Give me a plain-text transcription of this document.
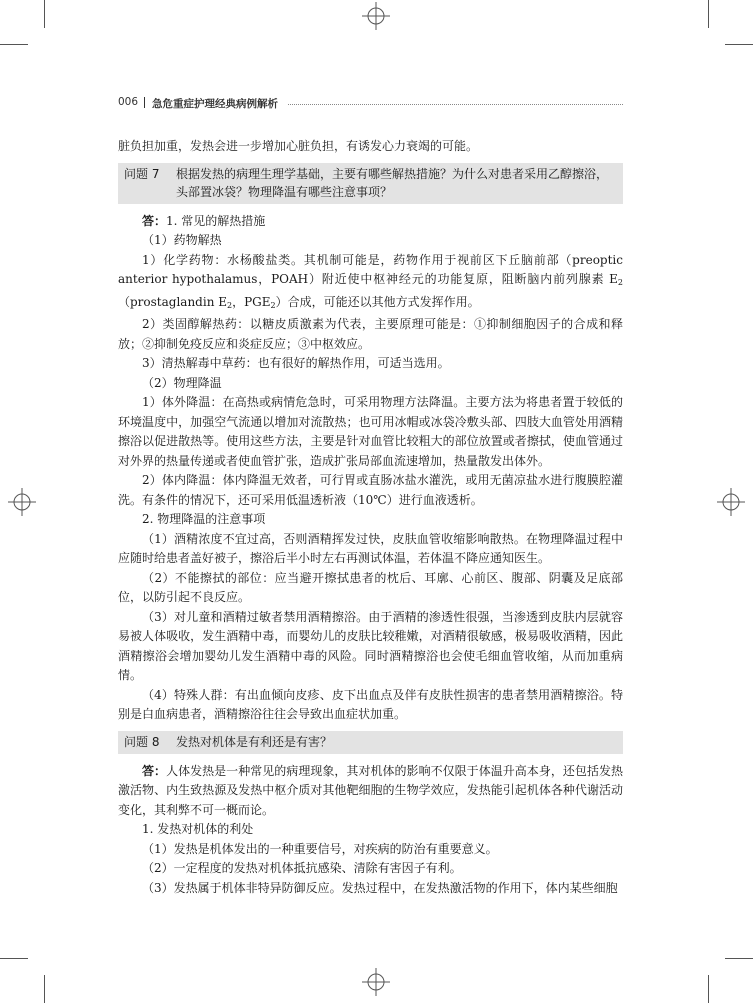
006 急危重症护理经典病例解析

脏负担加重，发热会进一步增加心脏负担，有诱发心力衰竭的可能。

问题 7	根据发热的病理生理学基础，主要有哪些解热措施？为什么对患者采用乙醇擦浴，
头部置冰袋？物理降温有哪些注意事项？

答：1. 常见的解热措施

（1）药物解热

1）化学药物：水杨酸盐类。其机制可能是，药物作用于视前区下丘脑前部（preoptic anterior hypothalamus，POAH）附近使中枢神经元的功能复原，阻断脑内前列腺素 $E_2(prostaglandin$ $E_2$，$PGE_2$）合成，可能还以其他方式发挥作用。

2）类固醇解热药：以糖皮质激素为代表，主要原理可能是：①抑制细胞因子的合成和释放；②抑制免疫反应和炎症反应；③中枢效应。

3）清热解毒中草药：也有很好的解热作用，可适当选用。

（2）物理降温

1）体外降温：在高热或病情危急时，可采用物理方法降温。主要方法为将患者置于较低的环境温度中，加强空气流通以增加对流散热；也可用冰帽或冰袋冷敷头部、四肢大血管处用酒精擦浴以促进散热等。使用这些方法，主要是针对血管比较粗大的部位放置或者擦拭，使血管通过对外界的热量传递或者使血管扩张，造成扩张局部血流速增加，热量散发出体外。

2）体内降温：体内降温无效者，可行胃或直肠冰盐水灌洗，或用无菌凉盐水进行腹膜腔灌洗。有条件的情况下，还可采用低温透析液（10℃）进行血液透析。

2. 物理降温的注意事项

（1）酒精浓度不宜过高，否则酒精挥发过快，皮肤血管收缩影响散热。在物理降温过程中应随时给患者盖好被子，擦浴后半小时左右再测试体温，若体温不降应通知医生。

（2）不能擦拭的部位：应当避开擦拭患者的枕后、耳廓、心前区、腹部、阴囊及足底部位，以防引起不良反应。

（3）对儿童和酒精过敏者禁用酒精擦浴。由于酒精的渗透性很强，当渗透到皮肤内层就容易被人体吸收，发生酒精中毒，而婴幼儿的皮肤比较稚嫩，对酒精很敏感，极易吸收酒精，因此酒精擦浴会增加婴幼儿发生酒精中毒的风险。同时酒精擦浴也会使毛细血管收缩，从而加重病情。

（4）特殊人群：有出血倾向皮疹、皮下出血点及伴有皮肤性损害的患者禁用酒精擦浴。特别是白血病患者，酒精擦浴往往会导致出血症状加重。

问题 8	发热对机体是有利还是有害？

答：人体发热是一种常见的病理现象，其对机体的影响不仅限于体温升高本身，还包括发热激活物、内生致热源及发热中枢介质对其他靶细胞的生物学效应，发热能引起机体各种代谢活动变化，其利弊不可一概而论。

1. 发热对机体的利处

（1）发热是机体发出的一种重要信号，对疾病的防治有重要意义。

（2）一定程度的发热对机体抵抗感染、清除有害因子有利。

（3）发热属于机体非特异防御反应。发热过程中，在发热激活物的作用下，体内某些细胞
